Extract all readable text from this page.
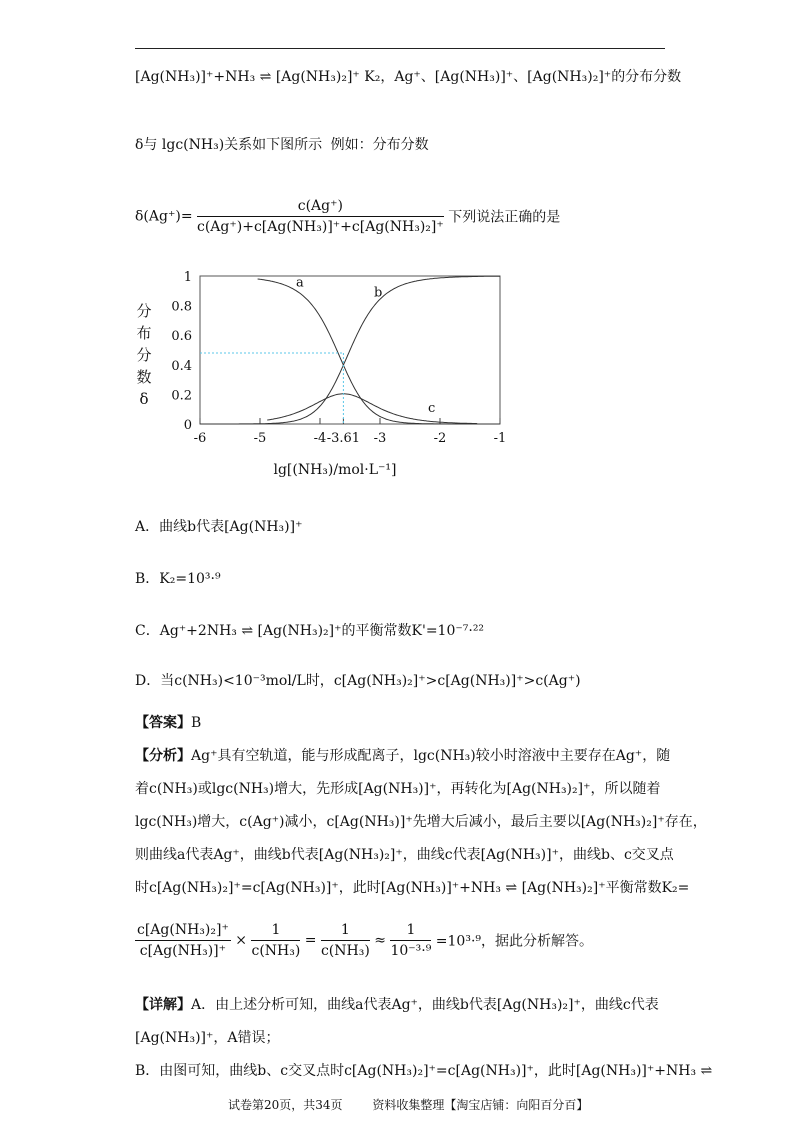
[Ag(NH₃)]⁺+NH₃ ⇌ [Ag(NH₃)₂]⁺ K₂，Ag⁺、[Ag(NH₃)]⁺、[Ag(NH₃)₂]⁺的分布分数
δ与 lgc(NH₃)关系如下图所示 例如：分布分数
$\delta(Ag^+)= \frac{c(Ag^+)}{\text{c(Ag⁺)+c[Ag(NH₃)]⁺+c[Ag(NH₃)₂]⁺}}$ 下列说法正确的是
0
0.2
0.4
0.6
0.8
1
-6	-5	-4 -3.61 -3	-2	-1
分
布
分
数
δ
lg[(NH₃)/mol·L⁻¹]
a
b
c
A．曲线b代表[Ag(NH₃)]⁺
B．K₂=10³·⁹
C．Ag⁺+2NH₃ ⇌ [Ag(NH₃)₂]⁺的平衡常数K'=10⁻⁷·²²
D．当c(NH₃)<10⁻³mol/L时，c[Ag(NH₃)₂]⁺>c[Ag(NH₃)]⁺>c(Ag⁺)
【答案】B
【分析】Ag⁺具有空轨道，能与形成配离子，lgc(NH₃)较小时溶液中主要存在Ag⁺，随
着c(NH₃)或lgc(NH₃)增大，先形成[Ag(NH₃)]⁺，再转化为[Ag(NH₃)₂]⁺，所以随着
lgc(NH₃)增大，c(Ag⁺)减小，c[Ag(NH₃)]⁺先增大后减小，最后主要以[Ag(NH₃)₂]⁺存在，
则曲线a代表Ag⁺，曲线b代表[Ag(NH₃)₂]⁺，曲线c代表[Ag(NH₃)]⁺，曲线b、c交叉点
时c[Ag(NH₃)₂]⁺=c[Ag(NH₃)]⁺，此时[Ag(NH₃)]⁺+NH₃ ⇌ [Ag(NH₃)₂]⁺平衡常数K₂=
$\frac{\text{c[Ag(NH₃)₂]⁺}}{\text{c[Ag(NH₃)]⁺}} \times \frac{1}{\text{c(NH₃)}} = \frac{1}{\text{c(NH₃)}} \approx \frac{1}{\text{10⁻³·⁹}} =10^3\cdot^9$，据此分析解答。
【详解】A．由上述分析可知，曲线a代表Ag⁺，曲线b代表[Ag(NH₃)₂]⁺，曲线c代表
[Ag(NH₃)]⁺，A错误；
B．由图可知，曲线b、c交叉点时c[Ag(NH₃)₂]⁺=c[Ag(NH₃)]⁺，此时[Ag(NH₃)]⁺+NH₃ ⇌
试卷第20页，共34页 资料收集整理【淘宝店铺：向阳百分百】
